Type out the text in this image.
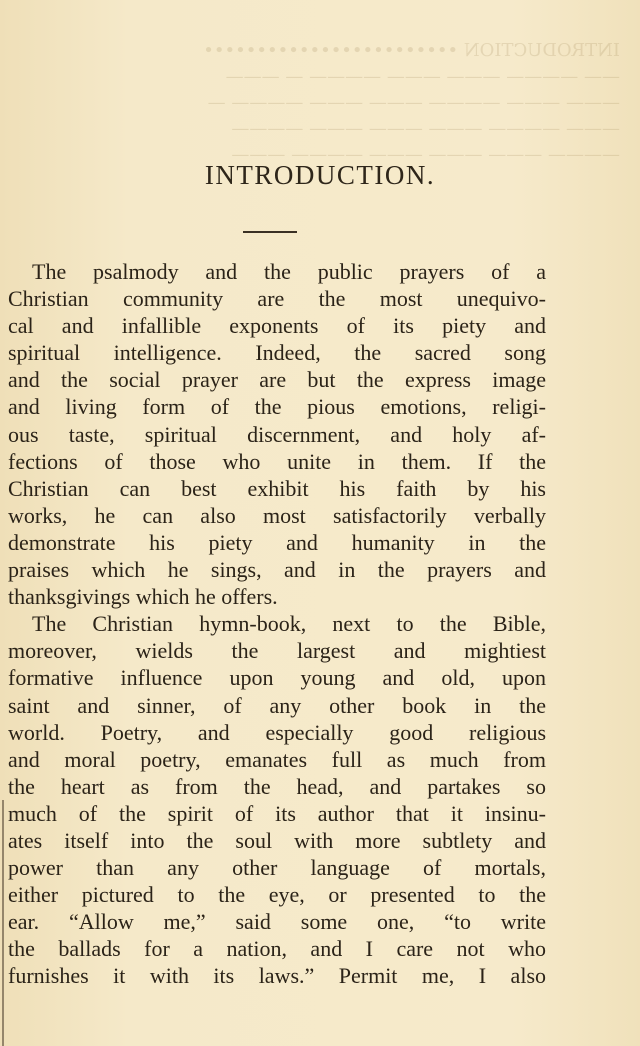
INTRODUCTION ••••••••••••••••••••••••
—— ———— ——— ——— ———— — ———
——— ——— ———— ——— ——— ———— —
——— ———— ——— ——— ——— ————
———— ——— ——— ——— ———— ———
INTRODUCTION.
The psalmody and the public prayers of a
Christian community are the most unequivo-
cal and infallible exponents of its piety and
spiritual intelligence. Indeed, the sacred song
and the social prayer are but the express image
and living form of the pious emotions, religi-
ous taste, spiritual discernment, and holy af-
fections of those who unite in them. If the
Christian can best exhibit his faith by his
works, he can also most satisfactorily verbally
demonstrate his piety and humanity in the
praises which he sings, and in the prayers and
thanksgivings which he offers.
The Christian hymn-book, next to the Bible,
moreover, wields the largest and mightiest
formative influence upon young and old, upon
saint and sinner, of any other book in the
world. Poetry, and especially good religious
and moral poetry, emanates full as much from
the heart as from the head, and partakes so
much of the spirit of its author that it insinu-
ates itself into the soul with more subtlety and
power than any other language of mortals,
either pictured to the eye, or presented to the
ear. “Allow me,” said some one, “to write
the ballads for a nation, and I care not who
furnishes it with its laws.” Permit me, I also
